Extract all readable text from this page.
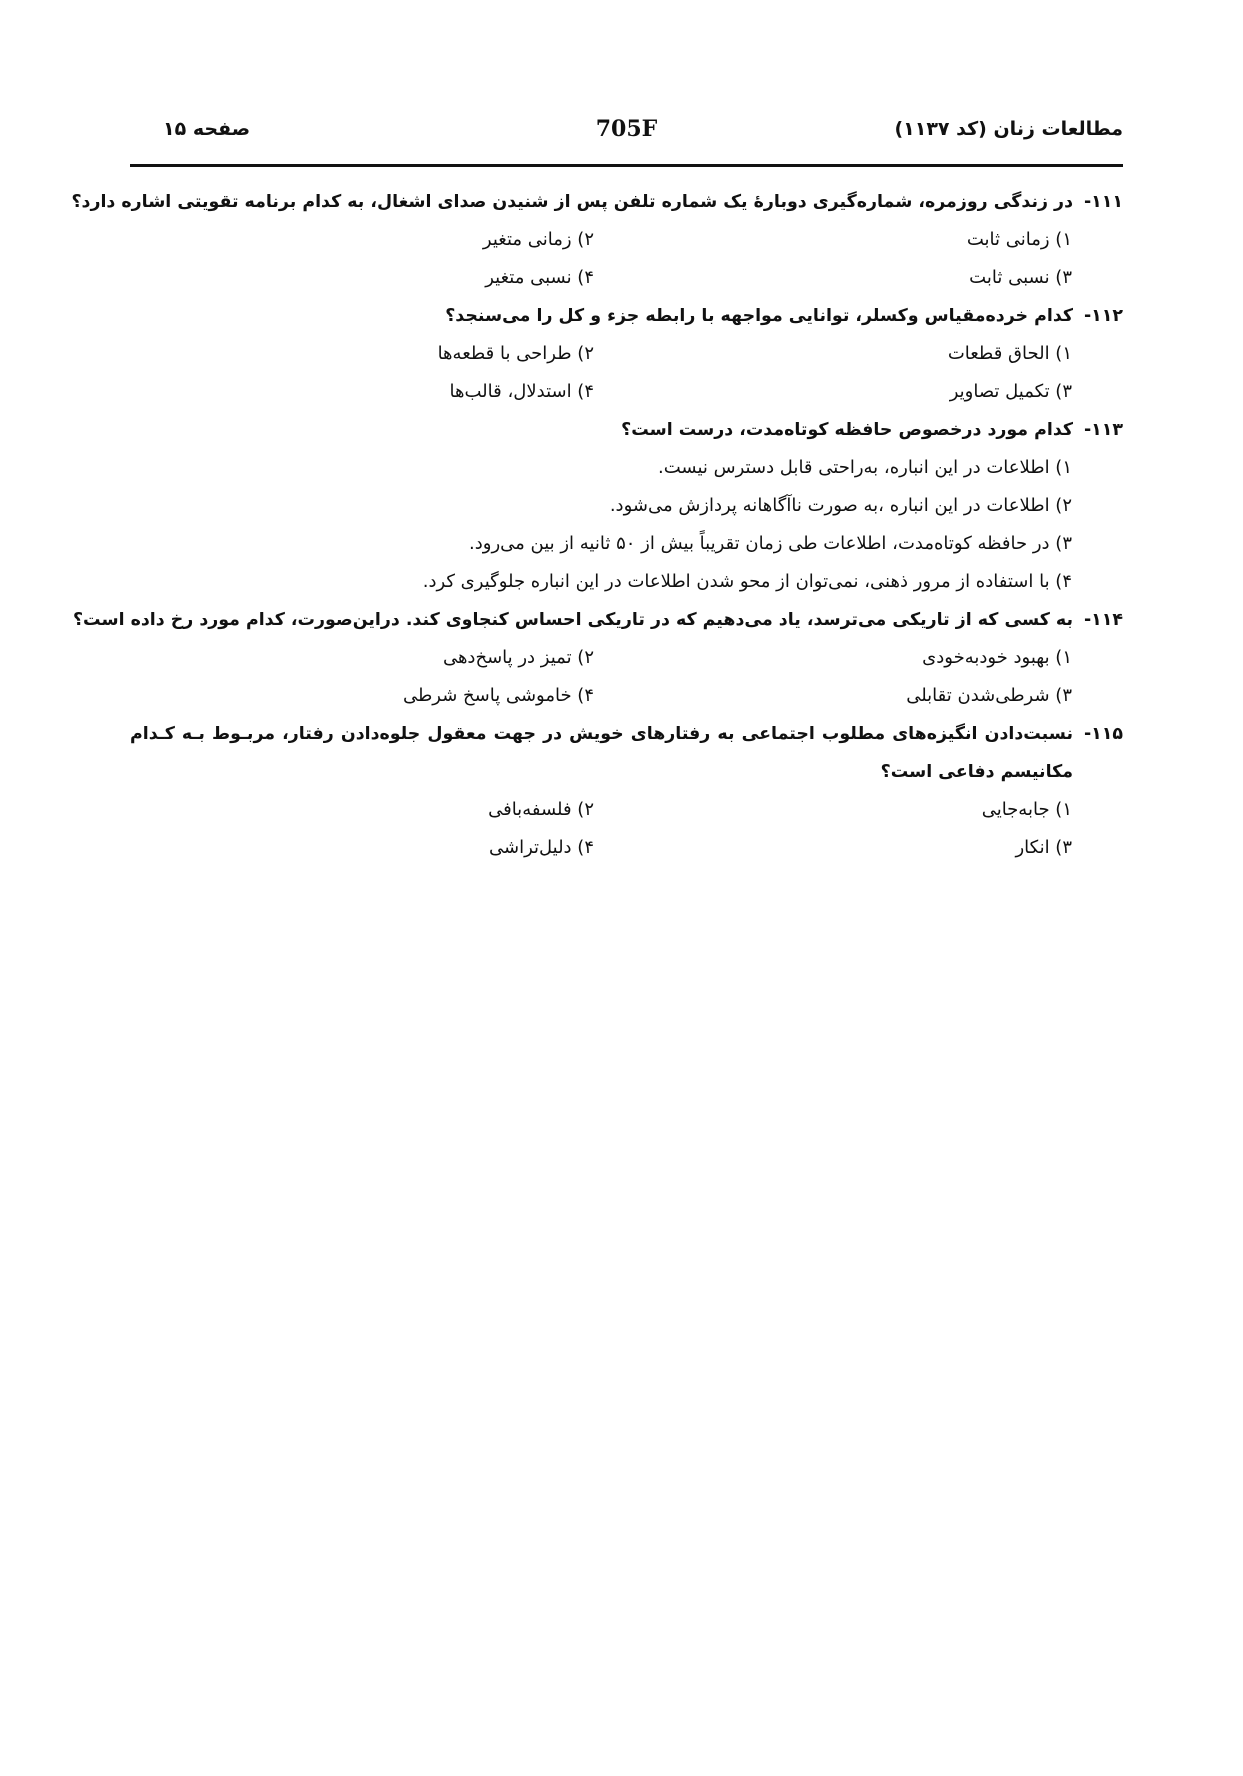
مطالعات زنان (کد ۱۱۳۷)
705F
صفحه ۱۵
۱۱۱-
در زندگی روزمره، شماره‌گیری دوبارهٔ یک شماره تلفن پس از شنیدن صدای اشغال، به کدام برنامه تقویتی اشاره دارد؟
۱) زمانی ثابت
۲) زمانی متغیر
۳) نسبی ثابت
۴) نسبی متغیر
۱۱۲-
کدام خرده‌مقیاس وکسلر، توانایی مواجهه با رابطه جزء و کل را می‌سنجد؟
۱) الحاق قطعات
۲) طراحی با قطعه‌ها
۳) تکمیل تصاویر
۴) استدلال، قالب‌ها
۱۱۳-
کدام مورد درخصوص حافظه کوتاه‌مدت، درست است؟
۱) اطلاعات در این انباره، به‌راحتی قابل دسترس نیست.
۲) اطلاعات در این انباره ،به صورت ناآگاهانه پردازش می‌شود.
۳) در حافظه کوتاه‌مدت، اطلاعات طی زمان تقریباً بیش از ۵۰ ثانیه از بین می‌رود.
۴) با استفاده از مرور ذهنی، نمی‌توان از محو شدن اطلاعات در این انباره جلوگیری کرد.
۱۱۴-
به کسی که از تاریکی می‌ترسد، یاد می‌دهیم که در تاریکی احساس کنجاوی کند. دراین‌صورت، کدام مورد رخ داده است؟
۱) بهبود خودبه‌خودی
۲) تمیز در پاسخ‌دهی
۳) شرطی‌شدن تقابلی
۴) خاموشی پاسخ شرطی
۱۱۵-
نسبت‌دادن انگیزه‌های مطلوب اجتماعی به رفتارهای خویش در جهت معقول جلوه‌دادن رفتار، مربـوط بـه کـدام مکانیسم دفاعی است؟
۱) جابه‌جایی
۲) فلسفه‌بافی
۳) انکار
۴) دلیل‌تراشی
